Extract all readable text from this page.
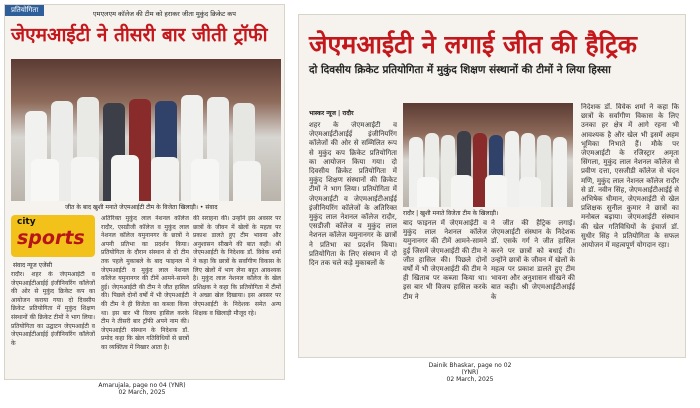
प्रतियोगिता	एमएलएम कॉलेज की टीम को हराकर जीता मुकुंद क्रिकेट कप
जेएमआईटी ने तीसरी बार जीती ट्रॉफी
जीत के बाद खुशी मनाते जेएमआईटी टीम के विजेता खिलाड़ी। • संवाद
city
sports
संवाद न्यूज एजेंसी
रादौर। शहर के जेएमआईटी व जेएमआईटीआईई इंजीनियरिंग कॉलेजों की ओर से मुकुंद क्रिकेट कप का आयोजन कराया गया। दो दिवसीय क्रिकेट प्रतियोगिता में मुकुंद शिक्षण संस्थानों की क्रिकेट टीमों ने भाग लिया। प्रतियोगिता का उद्घाटन जेएमआईटी व जेएमआईटीआईई इंजीनियरिंग कॉलेजों के
अतिरिक्त मुकुंद लाल नेशनल कॉलेज रादौर, एसडीजी कॉलेज व मुकुंद लाल नेशनल कॉलेज यमुनानगर के छात्रों ने अपनी प्रतिभा का प्रदर्शन किया। प्रतियोगिता के दौरान संस्थान से दो टीम तक पहले मुकाबले के बाद फाइनल में जेएमआईटी व मुकुंद लाल नेशनल कॉलेज यमुनानगर की टीमें आमने-सामने हुई। जेएमआईटी की टीम ने जीत हासिल की। पिछले दोनों वर्षों में भी जेएमआईटी की टीम ने ही विजेता का कब्जा किया था। इस बार भी विजय हासिल करके टीम ने तीसरी बार ट्रॉफी अपने नाम की। जेएमआईटी संस्थान के निदेशक डॉ. प्रमोद कहा कि खेल गतिविधियों से छात्रों का व्यक्तित्व में निखार आता है।
की सराहना की। उन्होंने इस अवसर पर छात्रों के जीवन में खेलों के महत्व पर प्रकाश डालते हुए टीम भावना और अनुशासन सीखने की बात कही। श्री जेएमआईटी के निदेशक डॉ. विवेक शर्मा ने कहा कि छात्रों के सर्वांगीण विकास के लिए खेलों में भाग लेना बहुत आवश्यक है। मुकुंद लाल नेशनल कॉलेज के खेल प्रशिक्षक ने कहा कि प्रतियोगिता में टीमों ने अच्छा खेल दिखाया। इस अवसर पर जेएमआईटी के निदेशक समेत अन्य शिक्षक व खिलाड़ी मौजूद रहे।
Amarujala, page no 04 (YNR)
02 March, 2025
जेएमआईटी ने लगाई जीत की हैट्रिक
दो दिवसीय क्रिकेट प्रतियोगिता में मुकुंद शिक्षण संस्थानों की टीमों ने लिया हिस्सा
भास्कर न्यूज | रादौर
शहर के जेएमआईटी व जेएमआईटीआईई इंजीनियरिंग कॉलेजों की ओर से सम्मिलित रूप से मुकुंद कप क्रिकेट प्रतियोगिता का आयोजन किया गया। दो दिवसीय क्रिकेट प्रतियोगिता में मुकुंद शिक्षण संस्थानों की क्रिकेट टीमों ने भाग लिया। प्रतियोगिता में जेएमआईटी व जेएमआईटीआईई इंजीनियरिंग कॉलेजों के अतिरिक्त मुकुंद लाल नेशनल कॉलेज रादौर, एसडीजी कॉलेज व मुकुंद लाल नेशनल कॉलेज यमुनानगर के छात्रों ने प्रतिभा का प्रदर्शन किया। प्रतियोगिता के लिए संस्थान में दो दिन तक चले कड़े मुकाबलों के
रादौर | खुशी मनाते विजेता टीम के खिलाड़ी।
बाद फाइनल में जेएमआईटी व मुकुंद लाल नेशनल कॉलेज यमुनानगर की टीमें आमने-सामने हुई जिसमें जेएमआईटी की टीम ने जीत हासिल की। पिछले दोनों वर्षों में भी जेएमआईटी की टीम ने ही खिताब पर कब्जा किया था। इस बार भी विजय हासिल करके टीम ने
ने जीत की हैट्रिक लगाई। जेएमआईटी संस्थान के निदेशक डॉ. एसके गर्ग ने जीत हासिल करने पर छात्रों को बधाई दी। उन्होंने छात्रों के जीवन में खेलों के महत्व पर प्रकाश डालते हुए टीम भावना और अनुशासन सीखने की बात कही। श्री जेएमआईटीआईई के
निदेशक डॉ. विवेक शर्मा ने कहा कि छात्रों के सर्वांगीण विकास के लिए उनका हर क्षेत्र में आगे रहना भी आवश्यक है और खेल भी इसमें अहम भूमिका निभाते हैं। मौके पर जेएमआईटी के रजिस्ट्रार अमृता सिंगला, मुकुंद लाल नेशनल कॉलेज से प्रवीण दत्ता, एसजीडी कॉलेज से चंदन मणि, मुकुंद लाल नेशनल कॉलेज रादौर से डॉ. नवीन सिंह, जेएमआईटीआईई से अभिषेक धीमान, जेएमआईटी से खेल प्रशिक्षक सुनील कुमार ने छात्रों का मनोबल बढ़ाया। जेएमआईटी संस्थान की खेल गतिविधियों के इंचार्ज डॉ. सुधीर सिंह ने प्रतियोगिता के सफल आयोजन में महत्वपूर्ण योगदान रहा।
Dainik Bhaskar, page no 02 (YNR)
02 March, 2025
